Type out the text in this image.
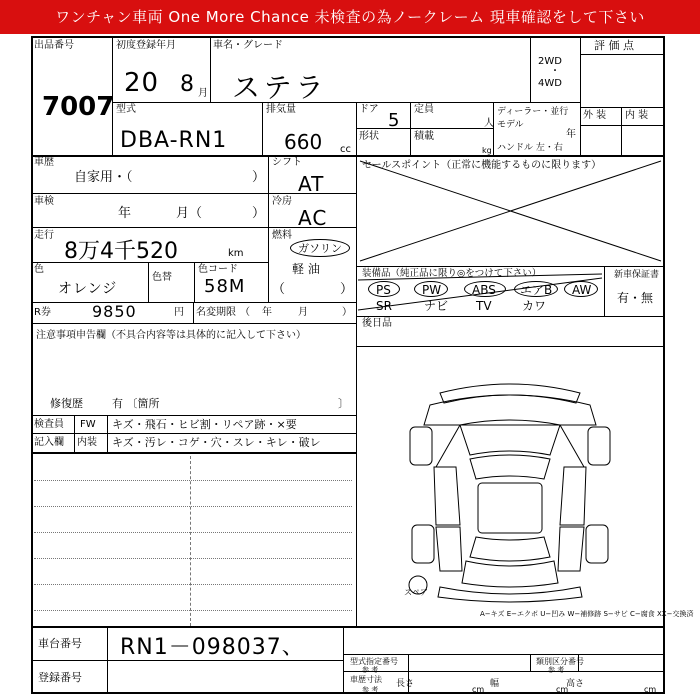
ワンチャン車両 One More Chance 未検査の為ノークレーム 現車確認をして下さい
出品番号
7007
初度登録年月
20 8 月
車名・グレード
ステラ
2WD
・
4WD
評 価 点
型式
DBA-RN1
排気量
660 cc
ドア
5
形状
定員
人
積載
kg
ディーラー・並行
モデル
年
ハンドル 左・右
外 装 内 装
車歴
自家用・（	）
シフト
AT
車検
年	月（	）
冷房
AC
走行
8万4千520	km
燃料
ガソリン
軽 油
色
オレンジ
色替
色コード
58M （	）
R券	9850	円 名変期限 （ 年	月	）
セールスポイント（正常に機能するものに限ります）
装備品（純正品に限り◎をつけて下さい）	新車保証書
有・無
後日品
PS	PW	ABS エアB AW
SR	ナビ TV	カワ
注意事項申告欄（不具合内容等は具体的に記入して下さい）
修復歴	有 〔箇所	〕
検査員
記入欄
FW キズ・飛石・ヒビ割・リペア跡・×要
内装 キズ・汚レ・コゲ・穴・スレ・キレ・破レ
スペア
A−キズ E−エクボ U−凹み W−補修跡 S−サビ C−腐食 XX−交換済
車台番号 RN1－098037、
登録番号
型式指定番号
参 考
類別区分番号
参 考
車歴寸法
参 考
長さ
cm
幅
cm
高さ
cm
